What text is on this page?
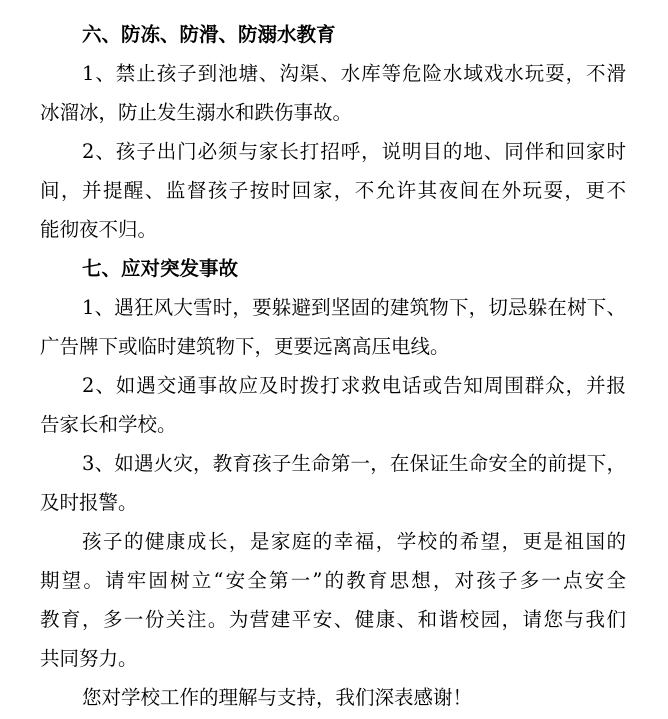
六、防冻、防滑、防溺水教育
1、禁止孩子到池塘、沟渠、水库等危险水域戏水玩耍，不滑
冰溜冰，防止发生溺水和跌伤事故。
2、孩子出门必须与家长打招呼，说明目的地、同伴和回家时
间，并提醒、监督孩子按时回家，不允许其夜间在外玩耍，更不
能彻夜不归。
七、应对突发事故
1、遇狂风大雪时，要躲避到坚固的建筑物下，切忌躲在树下、
广告牌下或临时建筑物下，更要远离高压电线。
2、如遇交通事故应及时拨打求救电话或告知周围群众，并报
告家长和学校。
3、如遇火灾，教育孩子生命第一，在保证生命安全的前提下，
及时报警。
孩子的健康成长，是家庭的幸福，学校的希望，更是祖国的
期望。请牢固树立“安全第一”的教育思想，对孩子多一点安全
教育，多一份关注。为营建平安、健康、和谐校园，请您与我们
共同努力。
您对学校工作的理解与支持，我们深表感谢！
